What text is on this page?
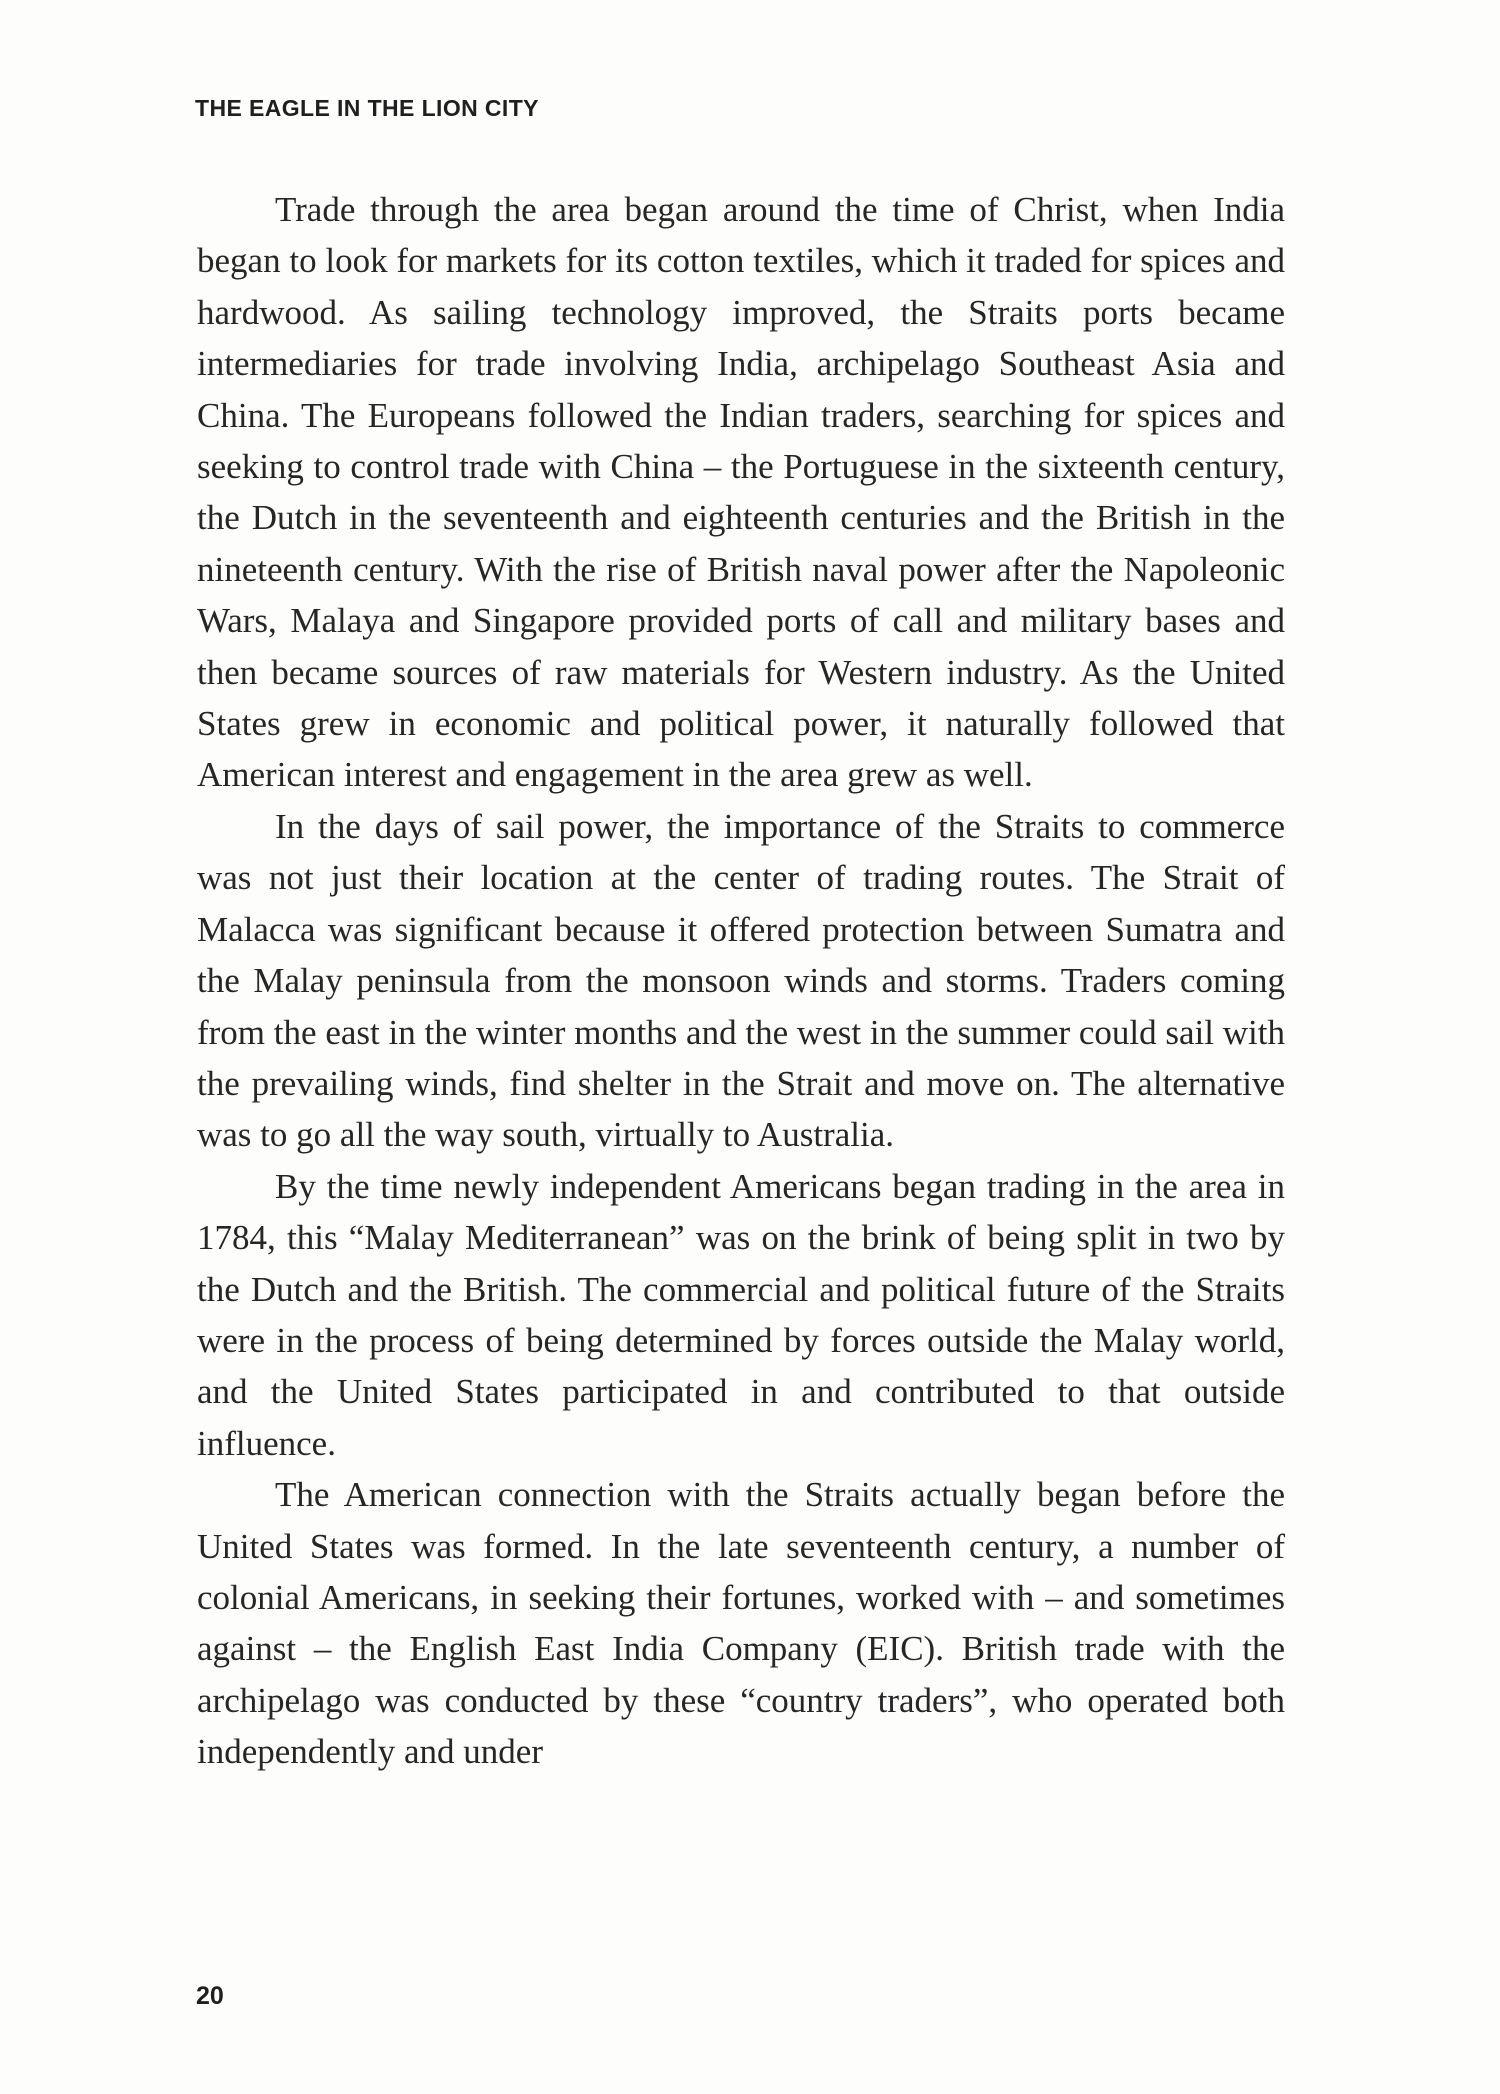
THE EAGLE IN THE LION CITY

Trade through the area began around the time of Christ, when India began to look for markets for its cotton textiles, which it traded for spices and hardwood. As sailing technology improved, the Straits ports became intermediaries for trade involving India, archipelago Southeast Asia and China. The Europeans followed the Indian traders, searching for spices and seeking to control trade with China – the Portuguese in the sixteenth century, the Dutch in the seventeenth and eighteenth centuries and the British in the nineteenth century. With the rise of British naval power after the Napoleonic Wars, Malaya and Singapore provided ports of call and military bases and then became sources of raw materials for Western industry. As the United States grew in economic and political power, it naturally followed that American interest and engagement in the area grew as well.

In the days of sail power, the importance of the Straits to commerce was not just their location at the center of trading routes. The Strait of Malacca was significant because it offered protection between Sumatra and the Malay peninsula from the monsoon winds and storms. Traders coming from the east in the winter months and the west in the summer could sail with the prevailing winds, find shelter in the Strait and move on. The alternative was to go all the way south, virtually to Australia.

By the time newly independent Americans began trading in the area in 1784, this “Malay Mediterranean” was on the brink of being split in two by the Dutch and the British. The commercial and political future of the Straits were in the process of being determined by forces outside the Malay world, and the United States participated in and contributed to that outside influence.

The American connection with the Straits actually began before the United States was formed. In the late seventeenth century, a number of colonial Americans, in seeking their fortunes, worked with – and sometimes against – the English East India Company (EIC). British trade with the archipelago was conducted by these “country traders”, who operated both independently and under

20
